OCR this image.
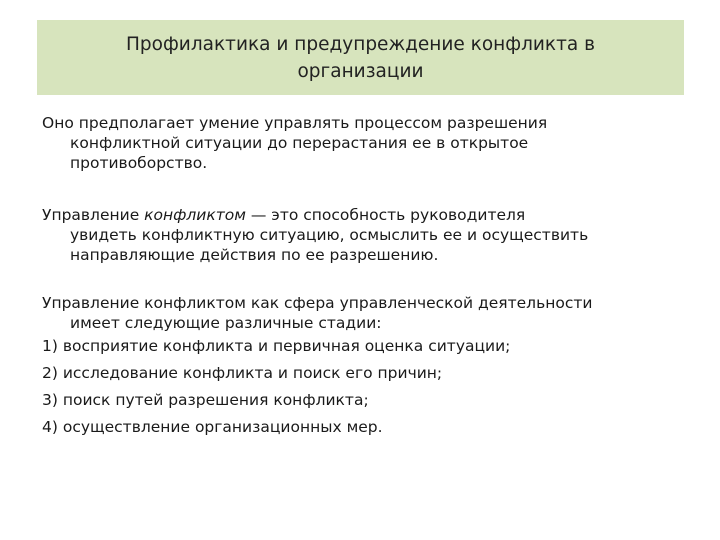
Профилактика и предупреждение конфликта в
организации

Оно предполагает умение управлять процессом разрешения
конфликтной ситуации до перерастания ее в открытое
противоборство.

Управление конфликтом — это способность руководителя
увидеть конфликтную ситуацию, осмыслить ее и осуществить
направляющие действия по ее разрешению.

Управление конфликтом как сфера управленческой деятельности
имеет следующие различные стадии:

1) восприятие конфликта и первичная оценка ситуации;
2) исследование конфликта и поиск его причин;
3) поиск путей разрешения конфликта;
4) осуществление организационных мер.
